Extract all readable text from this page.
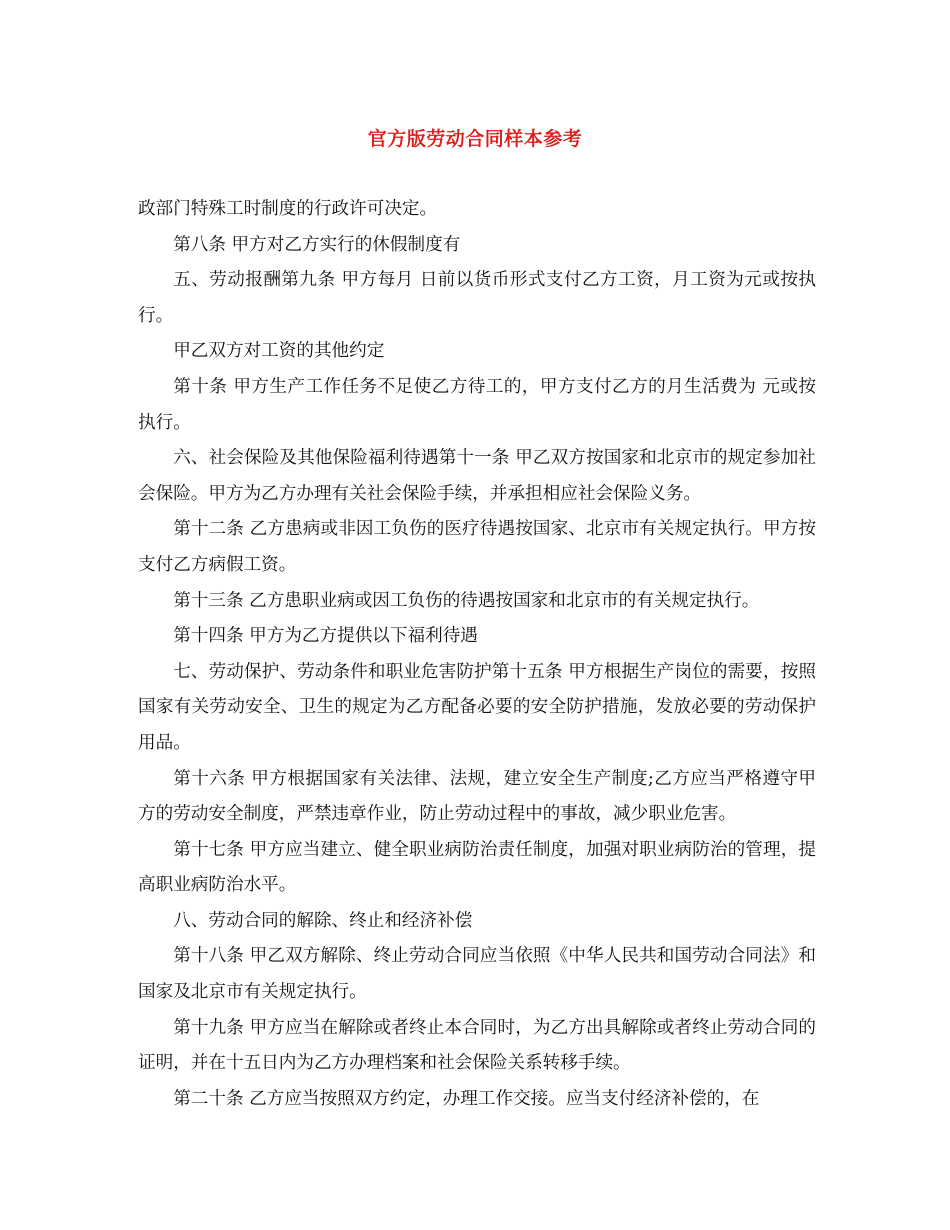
官方版劳动合同样本参考

政部门特殊工时制度的行政许可决定。

第八条 甲方对乙方实行的休假制度有

五、劳动报酬第九条 甲方每月 日前以货币形式支付乙方工资，月工资为元或按执行。

甲乙双方对工资的其他约定

第十条 甲方生产工作任务不足使乙方待工的，甲方支付乙方的月生活费为 元或按执行。

六、社会保险及其他保险福利待遇第十一条 甲乙双方按国家和北京市的规定参加社会保险。甲方为乙方办理有关社会保险手续，并承担相应社会保险义务。

第十二条 乙方患病或非因工负伤的医疗待遇按国家、北京市有关规定执行。甲方按支付乙方病假工资。

第十三条 乙方患职业病或因工负伤的待遇按国家和北京市的有关规定执行。

第十四条 甲方为乙方提供以下福利待遇

七、劳动保护、劳动条件和职业危害防护第十五条 甲方根据生产岗位的需要，按照国家有关劳动安全、卫生的规定为乙方配备必要的安全防护措施，发放必要的劳动保护用品。

第十六条 甲方根据国家有关法律、法规，建立安全生产制度;乙方应当严格遵守甲方的劳动安全制度，严禁违章作业，防止劳动过程中的事故，减少职业危害。

第十七条 甲方应当建立、健全职业病防治责任制度，加强对职业病防治的管理，提高职业病防治水平。

八、劳动合同的解除、终止和经济补偿

第十八条 甲乙双方解除、终止劳动合同应当依照《中华人民共和国劳动合同法》和国家及北京市有关规定执行。

第十九条 甲方应当在解除或者终止本合同时，为乙方出具解除或者终止劳动合同的证明，并在十五日内为乙方办理档案和社会保险关系转移手续。

第二十条 乙方应当按照双方约定，办理工作交接。应当支付经济补偿的，在
